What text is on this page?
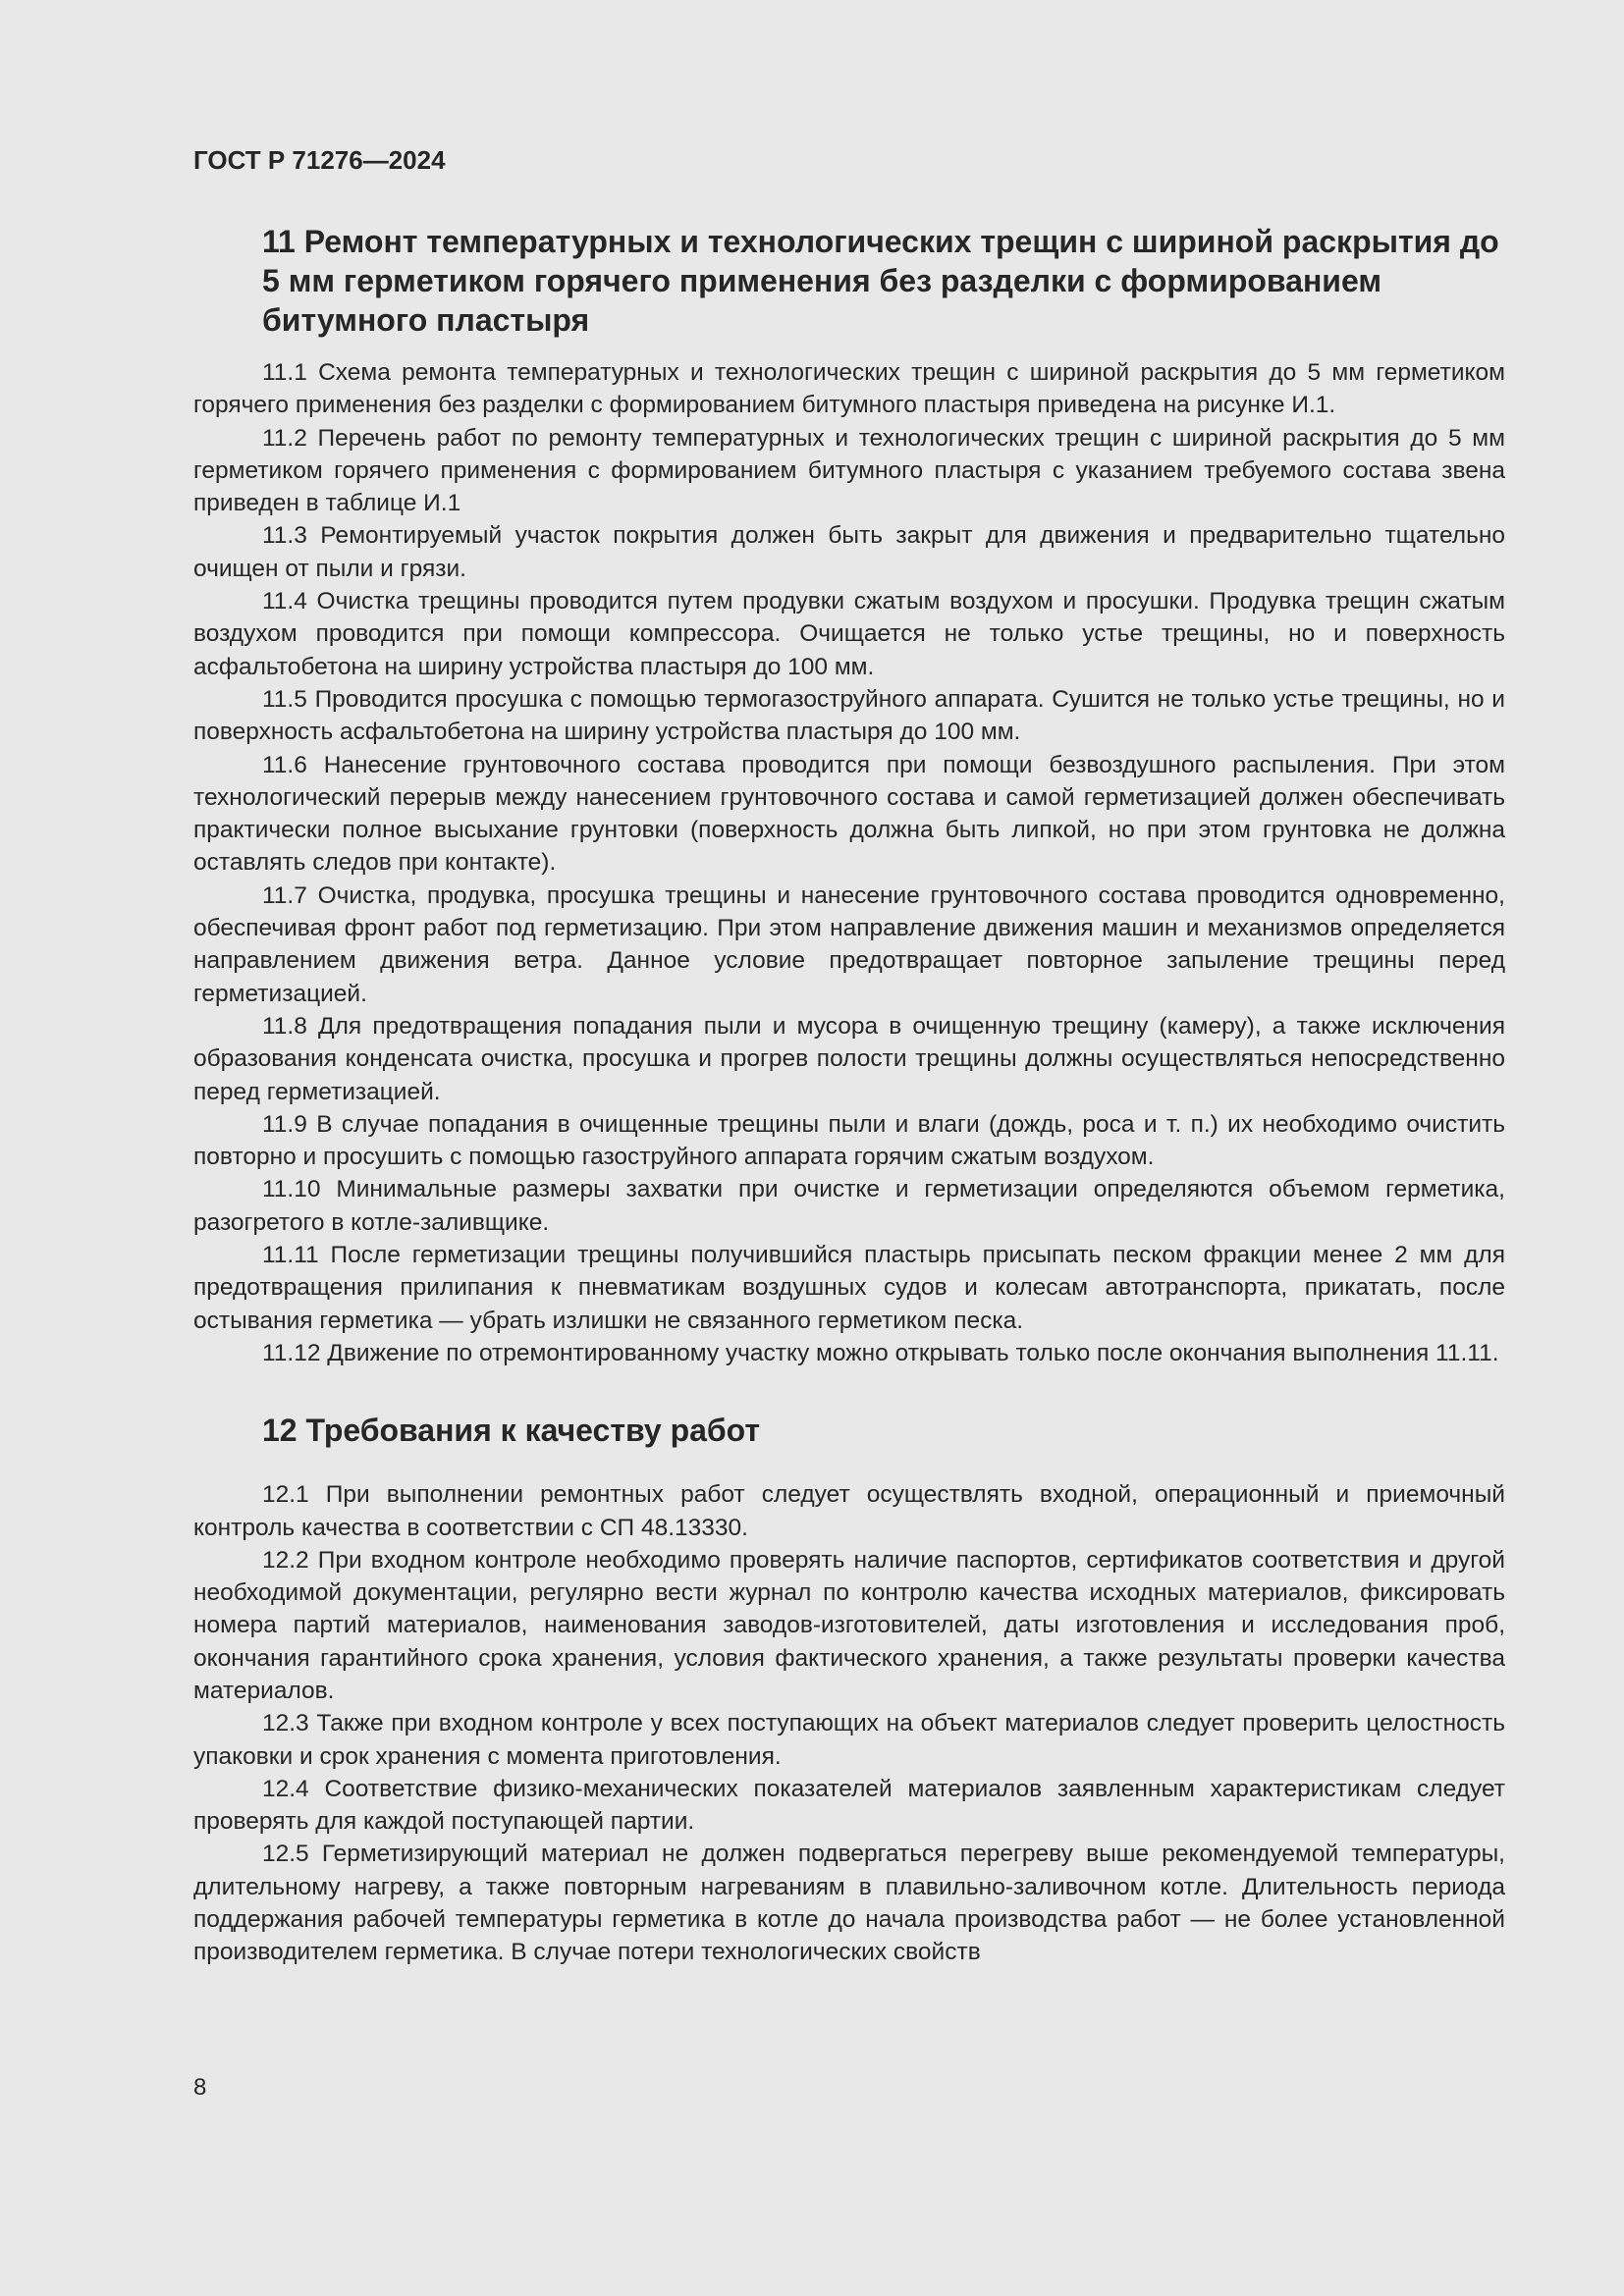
ГОСТ Р 71276—2024

11 Ремонт температурных и технологических трещин с шириной раскрытия до 5 мм герметиком горячего применения без разделки с формированием битумного пластыря

11.1 Схема ремонта температурных и технологических трещин с шириной раскрытия до 5 мм герметиком горячего применения без разделки с формированием битумного пластыря приведена на рисунке И.1.

11.2 Перечень работ по ремонту температурных и технологических трещин с шириной раскрытия до 5 мм герметиком горячего применения с формированием битумного пластыря с указанием требуемого состава звена приведен в таблице И.1

11.3 Ремонтируемый участок покрытия должен быть закрыт для движения и предварительно тщательно очищен от пыли и грязи.

11.4 Очистка трещины проводится путем продувки сжатым воздухом и просушки. Продувка трещин сжатым воздухом проводится при помощи компрессора. Очищается не только устье трещины, но и поверхность асфальтобетона на ширину устройства пластыря до 100 мм.

11.5 Проводится просушка с помощью термогазоструйного аппарата. Сушится не только устье трещины, но и поверхность асфальтобетона на ширину устройства пластыря до 100 мм.

11.6 Нанесение грунтовочного состава проводится при помощи безвоздушного распыления. При этом технологический перерыв между нанесением грунтовочного состава и самой герметизацией должен обеспечивать практически полное высыхание грунтовки (поверхность должна быть липкой, но при этом грунтовка не должна оставлять следов при контакте).

11.7 Очистка, продувка, просушка трещины и нанесение грунтовочного состава проводится одновременно, обеспечивая фронт работ под герметизацию. При этом направление движения машин и механизмов определяется направлением движения ветра. Данное условие предотвращает повторное запыление трещины перед герметизацией.

11.8 Для предотвращения попадания пыли и мусора в очищенную трещину (камеру), а также исключения образования конденсата очистка, просушка и прогрев полости трещины должны осуществляться непосредственно перед герметизацией.

11.9 В случае попадания в очищенные трещины пыли и влаги (дождь, роса и т. п.) их необходимо очистить повторно и просушить с помощью газоструйного аппарата горячим сжатым воздухом.

11.10 Минимальные размеры захватки при очистке и герметизации определяются объемом герметика, разогретого в котле-заливщике.

11.11 После герметизации трещины получившийся пластырь присыпать песком фракции менее 2 мм для предотвращения прилипания к пневматикам воздушных судов и колесам автотранспорта, прикатать, после остывания герметика — убрать излишки не связанного герметиком песка.

11.12 Движение по отремонтированному участку можно открывать только после окончания выполнения 11.11.

12 Требования к качеству работ

12.1 При выполнении ремонтных работ следует осуществлять входной, операционный и приемочный контроль качества в соответствии с СП 48.13330.

12.2 При входном контроле необходимо проверять наличие паспортов, сертификатов соответствия и другой необходимой документации, регулярно вести журнал по контролю качества исходных материалов, фиксировать номера партий материалов, наименования заводов-изготовителей, даты изготовления и исследования проб, окончания гарантийного срока хранения, условия фактического хранения, а также результаты проверки качества материалов.

12.3 Также при входном контроле у всех поступающих на объект материалов следует проверить целостность упаковки и срок хранения с момента приготовления.

12.4 Соответствие физико-механических показателей материалов заявленным характеристикам следует проверять для каждой поступающей партии.

12.5 Герметизирующий материал не должен подвергаться перегреву выше рекомендуемой температуры, длительному нагреву, а также повторным нагреваниям в плавильно-заливочном котле. Длительность периода поддержания рабочей температуры герметика в котле до начала производства работ — не более установленной производителем герметика. В случае потери технологических свойств

8
